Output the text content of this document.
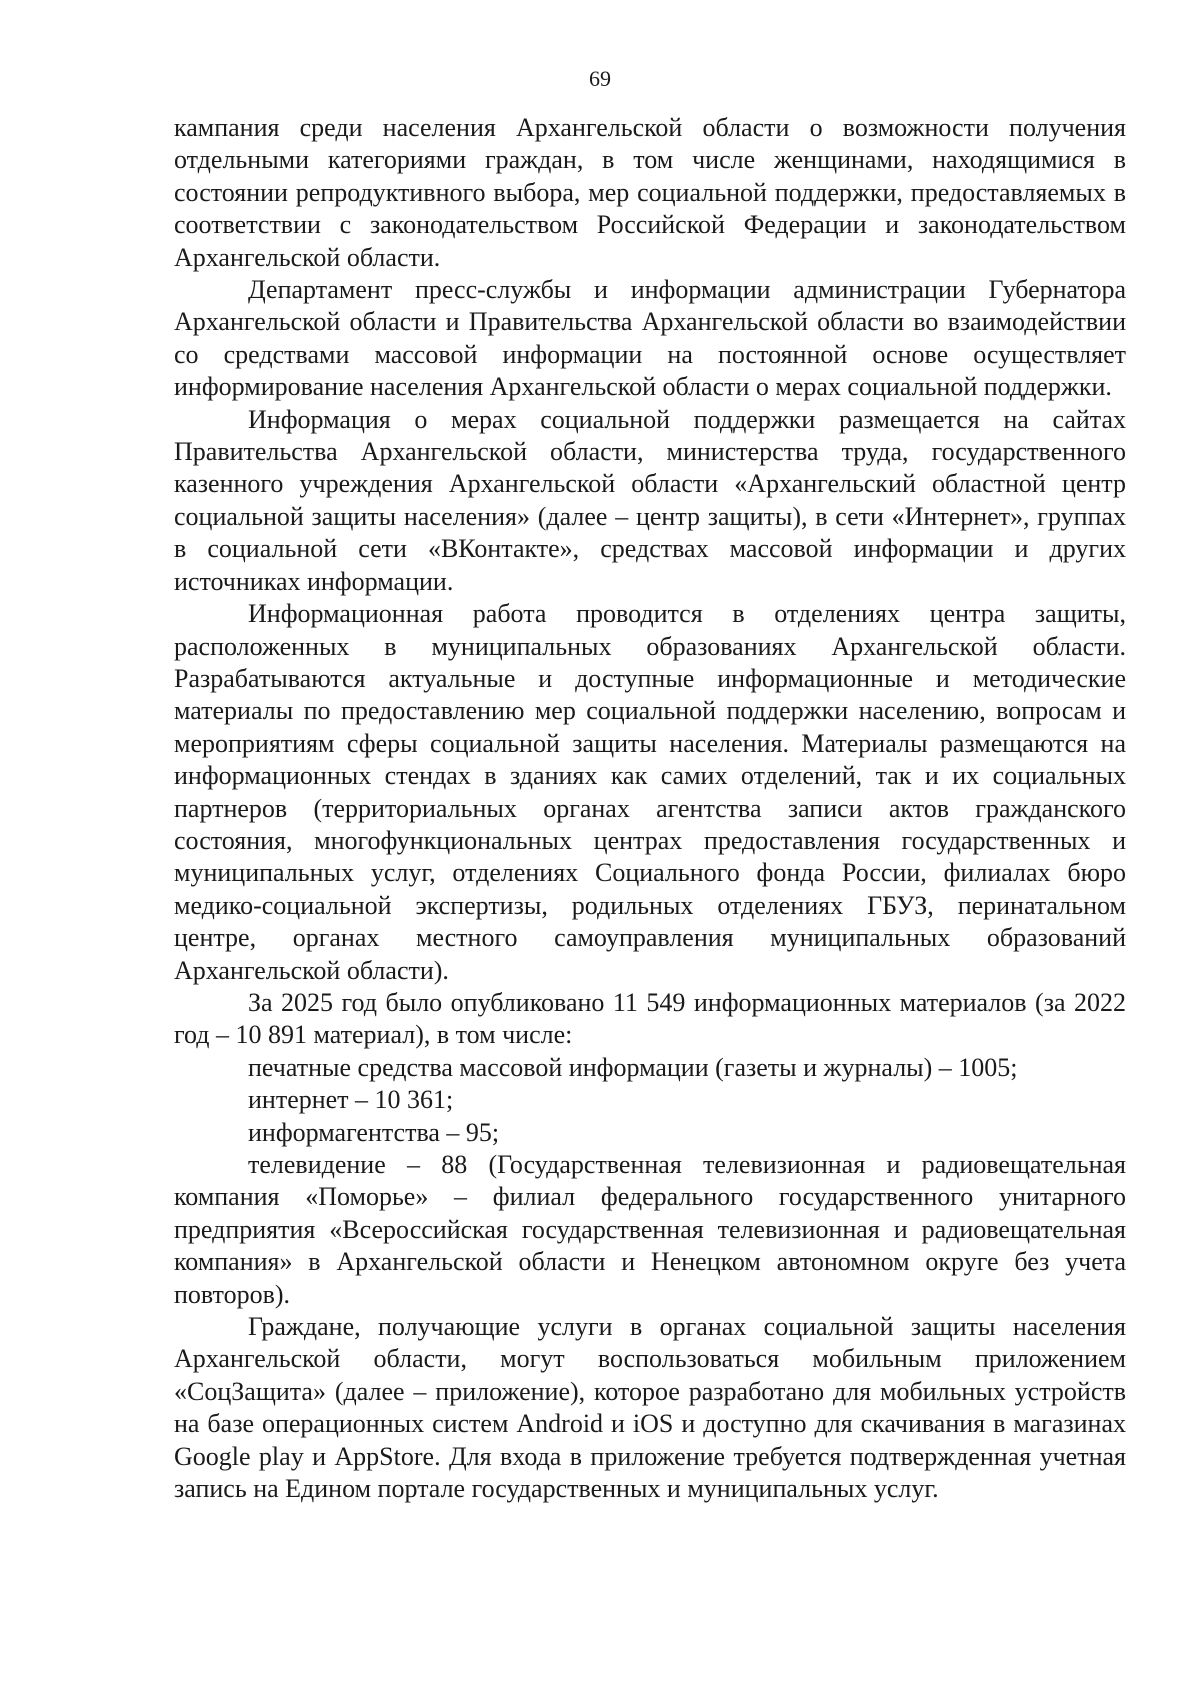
69

кампания среди населения Архангельской области о возможности получения отдельными категориями граждан, в том числе женщинами, находящимися в состоянии репродуктивного выбора, мер социальной поддержки, предоставляемых в соответствии с законодательством Российской Федерации и законодательством Архангельской области.

Департамент пресс-службы и информации администрации Губернатора Архангельской области и Правительства Архангельской области во взаимодействии со средствами массовой информации на постоянной основе осуществляет информирование населения Архангельской области о мерах социальной поддержки.

Информация о мерах социальной поддержки размещается на сайтах Правительства Архангельской области, министерства труда, государственного казенного учреждения Архангельской области «Архангельский областной центр социальной защиты населения» (далее – центр защиты), в сети «Интернет», группах в социальной сети «ВКонтакте», средствах массовой информации и других источниках информации.

Информационная работа проводится в отделениях центра защиты, расположенных в муниципальных образованиях Архангельской области. Разрабатываются актуальные и доступные информационные и методические материалы по предоставлению мер социальной поддержки населению, вопросам и мероприятиям сферы социальной защиты населения. Материалы размещаются на информационных стендах в зданиях как самих отделений, так и их социальных партнеров (территориальных органах агентства записи актов гражданского состояния, многофункциональных центрах предоставления государственных и муниципальных услуг, отделениях Социального фонда России, филиалах бюро медико-социальной экспертизы, родильных отделениях ГБУЗ, перинатальном центре, органах местного самоуправления муниципальных образований Архангельской области).

За 2025 год было опубликовано 11 549 информационных материалов (за 2022 год – 10 891 материал), в том числе:

печатные средства массовой информации (газеты и журналы) – 1005;

интернет – 10 361;

информагентства – 95;

телевидение – 88 (Государственная телевизионная и радиовещательная компания «Поморье» – филиал федерального государственного унитарного предприятия «Всероссийская государственная телевизионная и радиовещательная компания» в Архангельской области и Ненецком автономном округе без учета повторов).

Граждане, получающие услуги в органах социальной защиты населения Архангельской области, могут воспользоваться мобильным приложением «СоцЗащита» (далее – приложение), которое разработано для мобильных устройств на базе операционных систем Android и iOS и доступно для скачивания в магазинах Google play и AppStore. Для входа в приложение требуется подтвержденная учетная запись на Едином портале государственных и муниципальных услуг.
